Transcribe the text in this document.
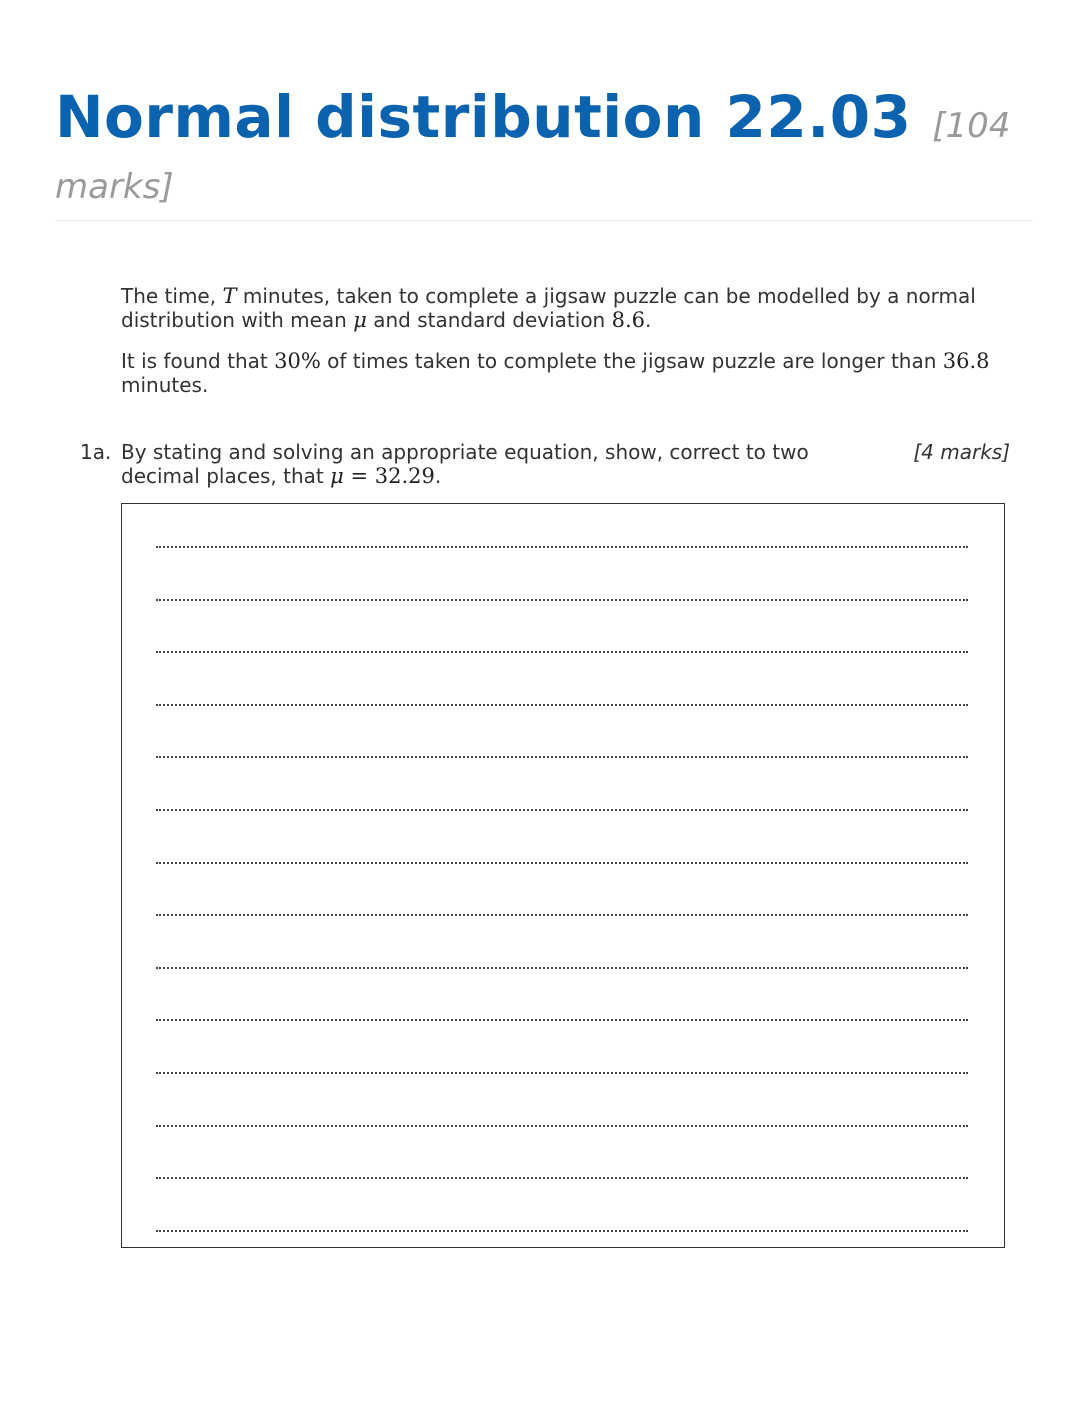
Normal distribution 22.03 [104
marks]

The time, T minutes, taken to complete a jigsaw puzzle can be modelled by a normal distribution with mean μ and standard deviation 8.6.

It is found that 30% of times taken to complete the jigsaw puzzle are longer than 36.8 minutes.

1a. By stating and solving an appropriate equation, show, correct to two decimal places, that μ = 32.29.
[4 marks]
